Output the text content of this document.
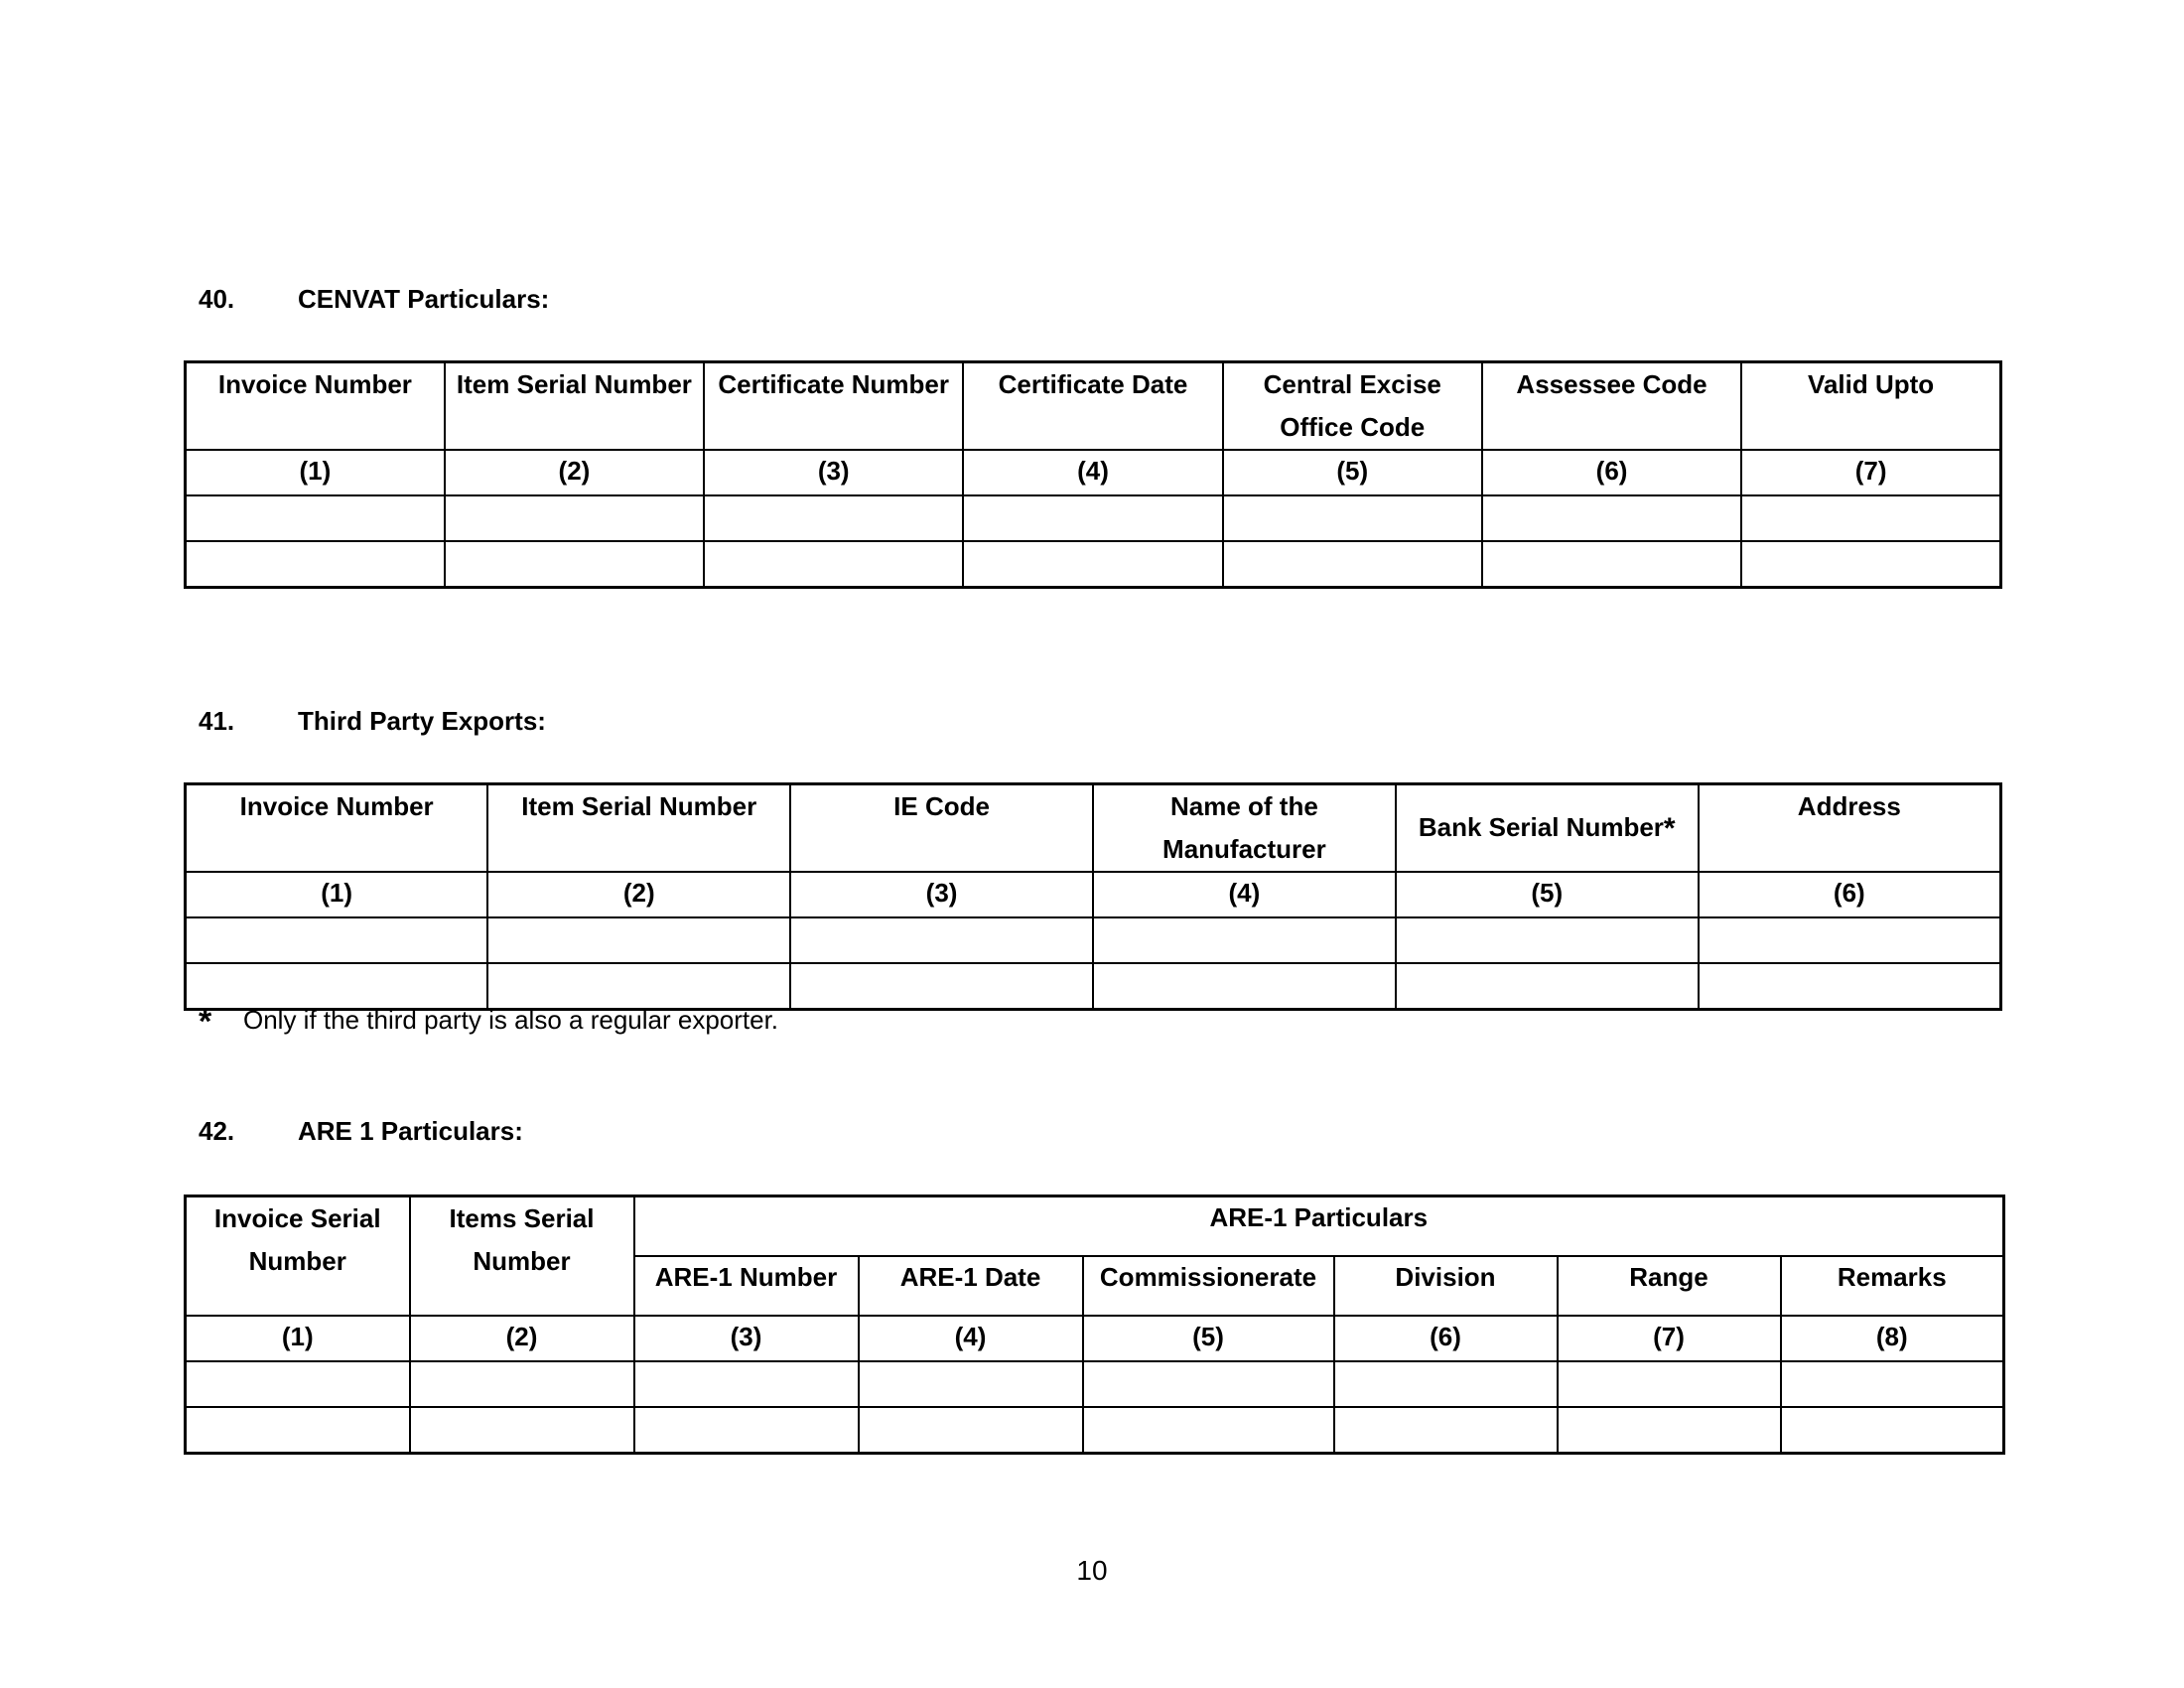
40. CENVAT Particulars:
Invoice Number	Item Serial Number	Certificate Number	Certificate Date	Central Excise Office Code	Assessee Code	Valid Upto
(1)	(2)	(3)	(4)	(5)	(6)	(7)

41. Third Party Exports:
Invoice Number	Item Serial Number	IE Code	Name of the Manufacturer	Bank Serial Number*	Address
(1)	(2)	(3)	(4)	(5)	(6)

* Only if the third party is also a regular exporter.
42. ARE 1 Particulars:
Invoice Serial Number	Items Serial Number	ARE-1 Particulars					
		ARE-1 Number	ARE-1 Date	Commissionerate	Division	Range	Remarks
(1)	(2)	(3)	(4)	(5)	(6)	(7)	(8)

10
